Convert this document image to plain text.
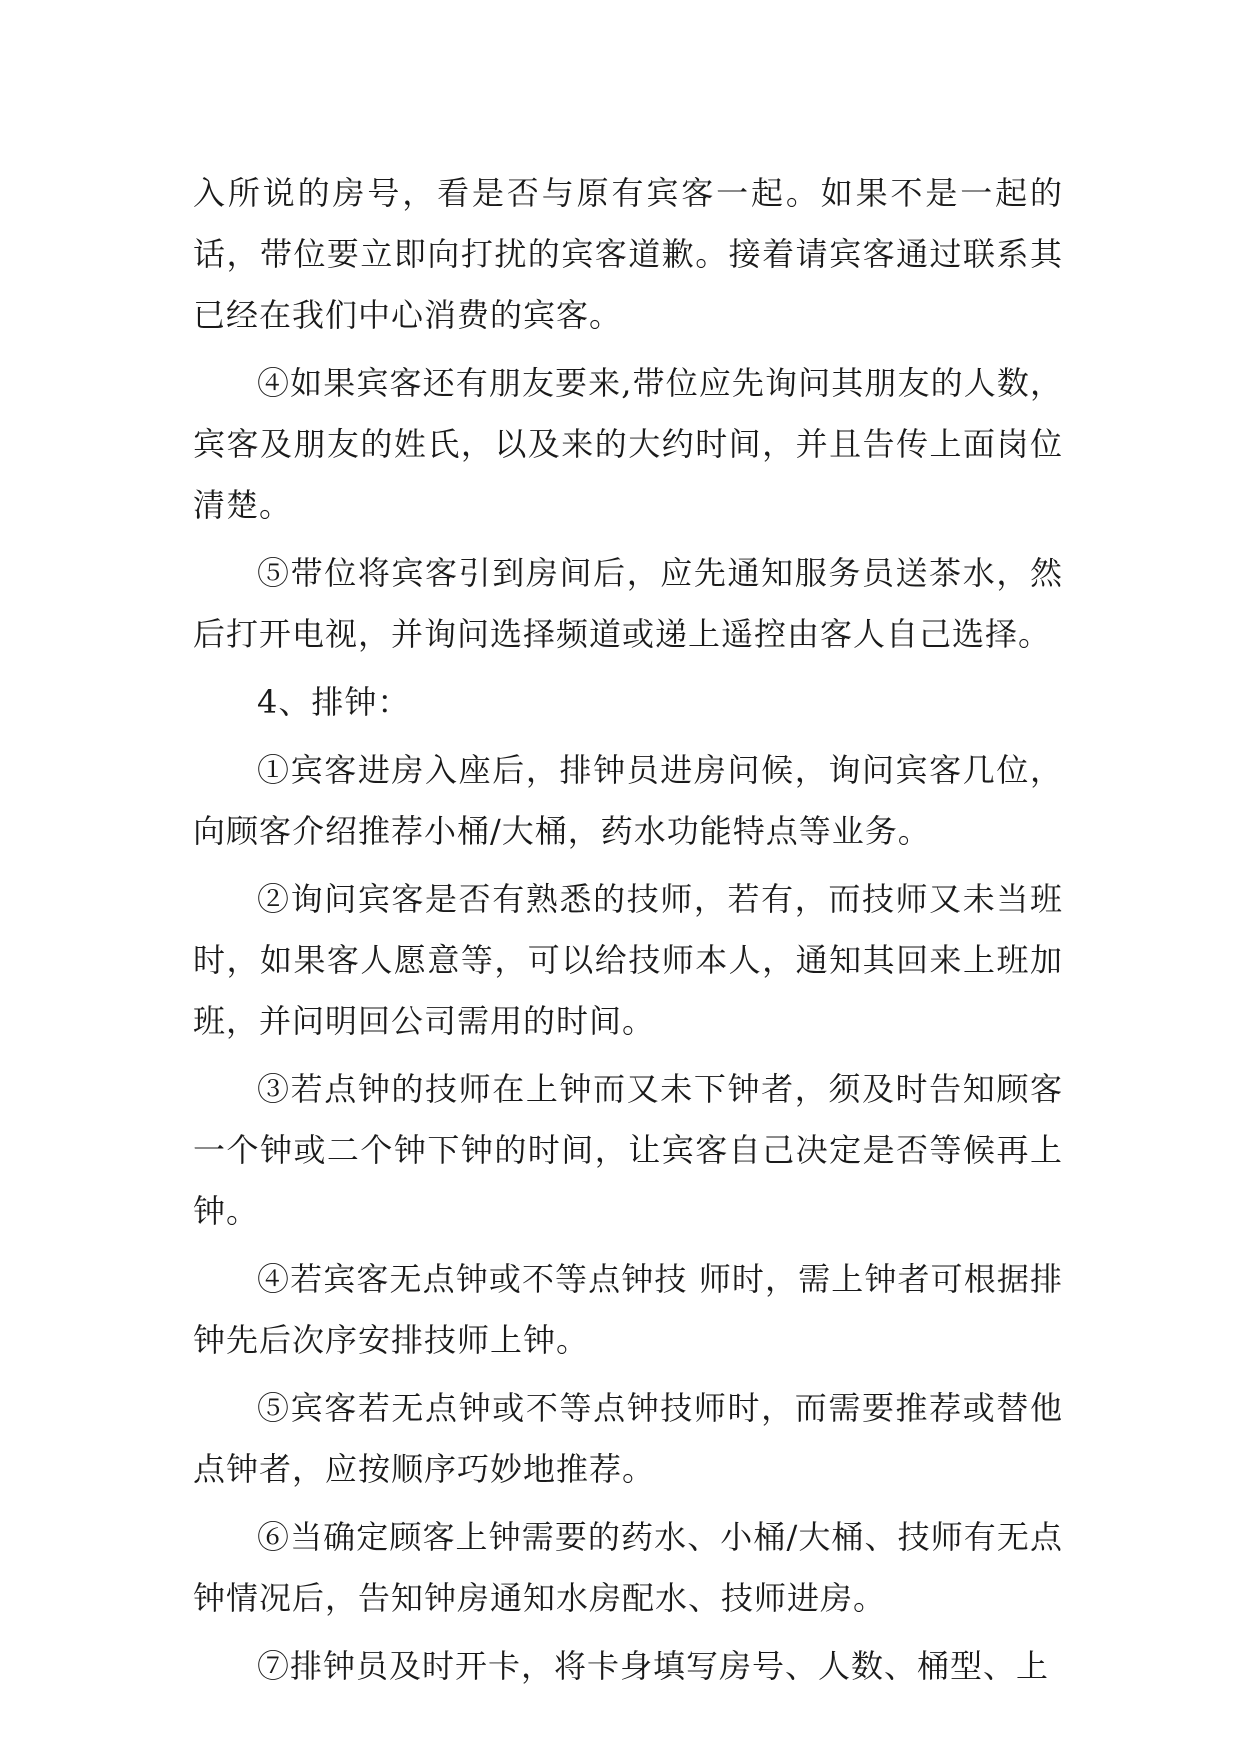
入所说的房号，看是否与原有宾客一起。如果不是一起的话，带位要立即向打扰的宾客道歉。接着请宾客通过联系其已经在我们中心消费的宾客。

④如果宾客还有朋友要来,带位应先询问其朋友的人数，宾客及朋友的姓氏，以及来的大约时间，并且告传上面岗位清楚。

⑤带位将宾客引到房间后，应先通知服务员送茶水，然后打开电视，并询问选择频道或递上遥控由客人自己选择。

4、排钟：

①宾客进房入座后，排钟员进房问候，询问宾客几位，向顾客介绍推荐小桶/大桶，药水功能特点等业务。

②询问宾客是否有熟悉的技师，若有，而技师又未当班时，如果客人愿意等，可以给技师本人，通知其回来上班加班，并问明回公司需用的时间。

③若点钟的技师在上钟而又未下钟者，须及时告知顾客一个钟或二个钟下钟的时间，让宾客自己决定是否等候再上钟。

④若宾客无点钟或不等点钟技 师时，需上钟者可根据排钟先后次序安排技师上钟。

⑤宾客若无点钟或不等点钟技师时，而需要推荐或替他点钟者，应按顺序巧妙地推荐。

⑥当确定顾客上钟需要的药水、小桶/大桶、技师有无点钟情况后，告知钟房通知水房配水、技师进房。

⑦排钟员及时开卡，将卡身填写房号、人数、桶型、上
